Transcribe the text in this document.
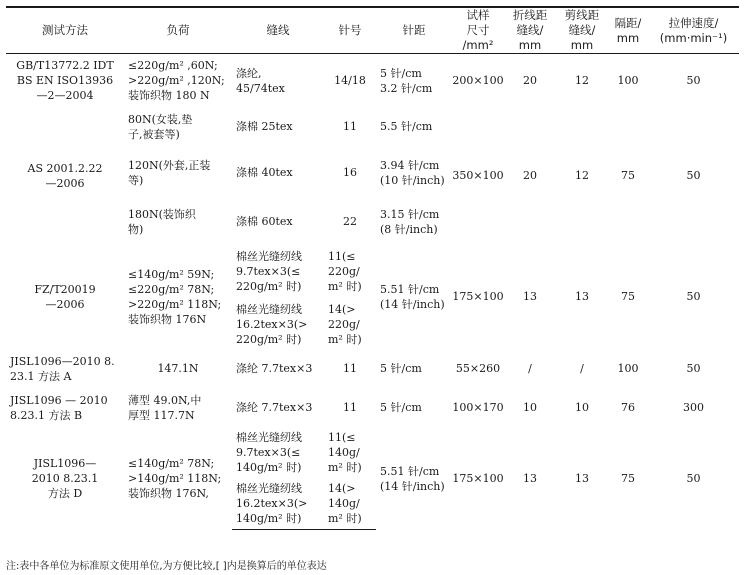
测试方法	负荷	缝线	针号	针距	试样
尺寸
/mm²	折线距
缝线/
mm	剪线距
缝线/
mm	隔距/
mm	拉伸速度/
(mm·min⁻¹)
GB/T13772.2 IDT
BS EN ISO13936
—2—2004	≤220g/m² ,60N;
>220g/m² ,120N;
装饰织物 180 N	涤纶,
45/74tex	14/18	5 针/cm
3.2 针/cm	200×100	20	12	100	50
AS 2001.2.22
—2006	80N(女装,垫
子,被套等)	涤棉 25tex	11	5.5 针/cm	350×100	20	12	75	50
	120N(外套,正装
等)	涤棉 40tex	16	3.94 针/cm
(10 针/inch)					
	180N(装饰织
物)	涤棉 60tex	22	3.15 针/cm
(8 针/inch)					
FZ/T20019
—2006	≤140g/m² 59N;
≤220g/m² 78N;
>220g/m² 118N;
装饰织物 176N	棉丝光缝纫线
9.7tex×3(≤
220g/m² 时)	11(≤
220g/
m² 时)	5.51 针/cm
(14 针/inch)	175×100	13	13	75	50
		棉丝光缝纫线
16.2tex×3(>
220g/m² 时)	14(>
220g/
m² 时)						
JISL1096—2010 8.
23.1 方法 A	147.1N	涤纶 7.7tex×3	11	5 针/cm	55×260	/	/	100	50
JISL1096 — 2010
8.23.1 方法 B	薄型 49.0N,中
厚型 117.7N	涤纶 7.7tex×3	11	5 针/cm	100×170	10	10	76	300
JISL1096—
2010 8.23.1
方法 D	≤140g/m² 78N;
>140g/m² 118N;
装饰织物 176N,	棉丝光缝纫线
9.7tex×3(≤
140g/m² 时)	11(≤
140g/
m² 时)	5.51 针/cm
(14 针/inch)	175×100	13	13	75	50
		棉丝光缝纫线
16.2tex×3(>
140g/m² 时)	14(>
140g/
m² 时)						
注:表中各单位为标准原文使用单位,为方便比较,[ ]内是换算后的单位表达
